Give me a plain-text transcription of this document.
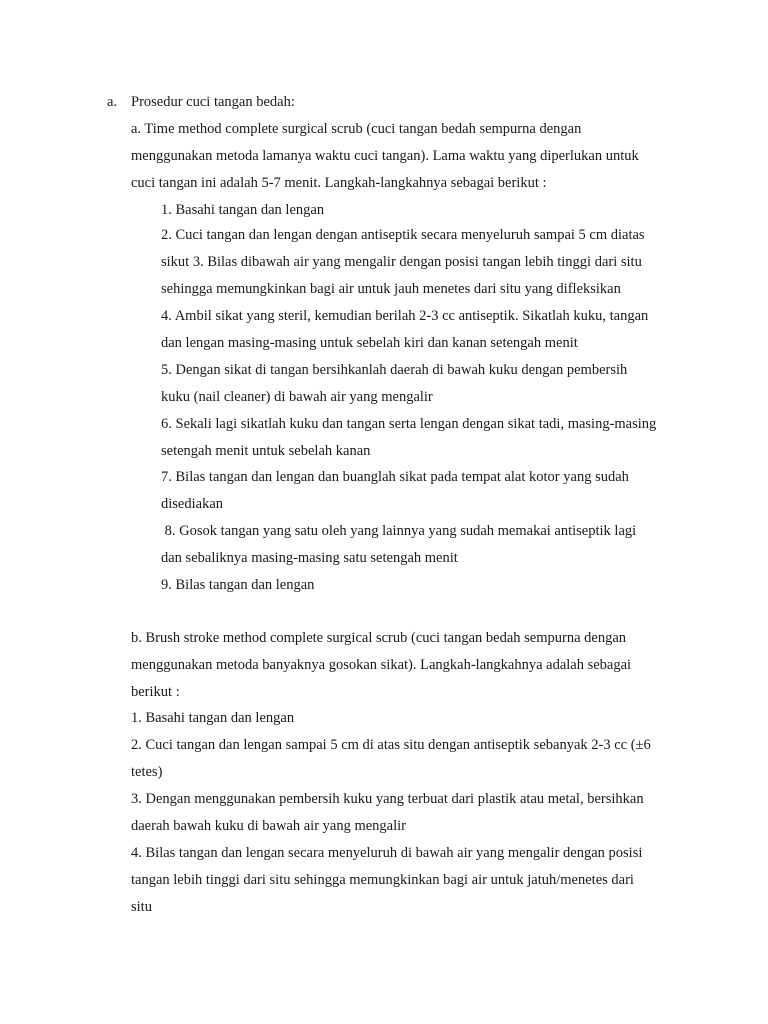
a. Prosedur cuci tangan bedah:
a. Time method complete surgical scrub (cuci tangan bedah sempurna dengan
menggunakan metoda lamanya waktu cuci tangan). Lama waktu yang diperlukan untuk
cuci tangan ini adalah 5-7 menit. Langkah-langkahnya sebagai berikut :
1. Basahi tangan dan lengan
2. Cuci tangan dan lengan dengan antiseptik secara menyeluruh sampai 5 cm diatas
sikut 3. Bilas dibawah air yang mengalir dengan posisi tangan lebih tinggi dari situ
sehingga memungkinkan bagi air untuk jauh menetes dari situ yang difleksikan
4. Ambil sikat yang steril, kemudian berilah 2-3 cc antiseptik. Sikatlah kuku, tangan
dan lengan masing-masing untuk sebelah kiri dan kanan setengah menit
5. Dengan sikat di tangan bersihkanlah daerah di bawah kuku dengan pembersih
kuku (nail cleaner) di bawah air yang mengalir
6. Sekali lagi sikatlah kuku dan tangan serta lengan dengan sikat tadi, masing-masing
setengah menit untuk sebelah kanan
7. Bilas tangan dan lengan dan buanglah sikat pada tempat alat kotor yang sudah
disediakan
8. Gosok tangan yang satu oleh yang lainnya yang sudah memakai antiseptik lagi
dan sebaliknya masing-masing satu setengah menit
9. Bilas tangan dan lengan
b. Brush stroke method complete surgical scrub (cuci tangan bedah sempurna dengan
menggunakan metoda banyaknya gosokan sikat). Langkah-langkahnya adalah sebagai
berikut :
1. Basahi tangan dan lengan
2. Cuci tangan dan lengan sampai 5 cm di atas situ dengan antiseptik sebanyak 2-3 cc (±6
tetes)
3. Dengan menggunakan pembersih kuku yang terbuat dari plastik atau metal, bersihkan
daerah bawah kuku di bawah air yang mengalir
4. Bilas tangan dan lengan secara menyeluruh di bawah air yang mengalir dengan posisi
tangan lebih tinggi dari situ sehingga memungkinkan bagi air untuk jatuh/menetes dari
situ
